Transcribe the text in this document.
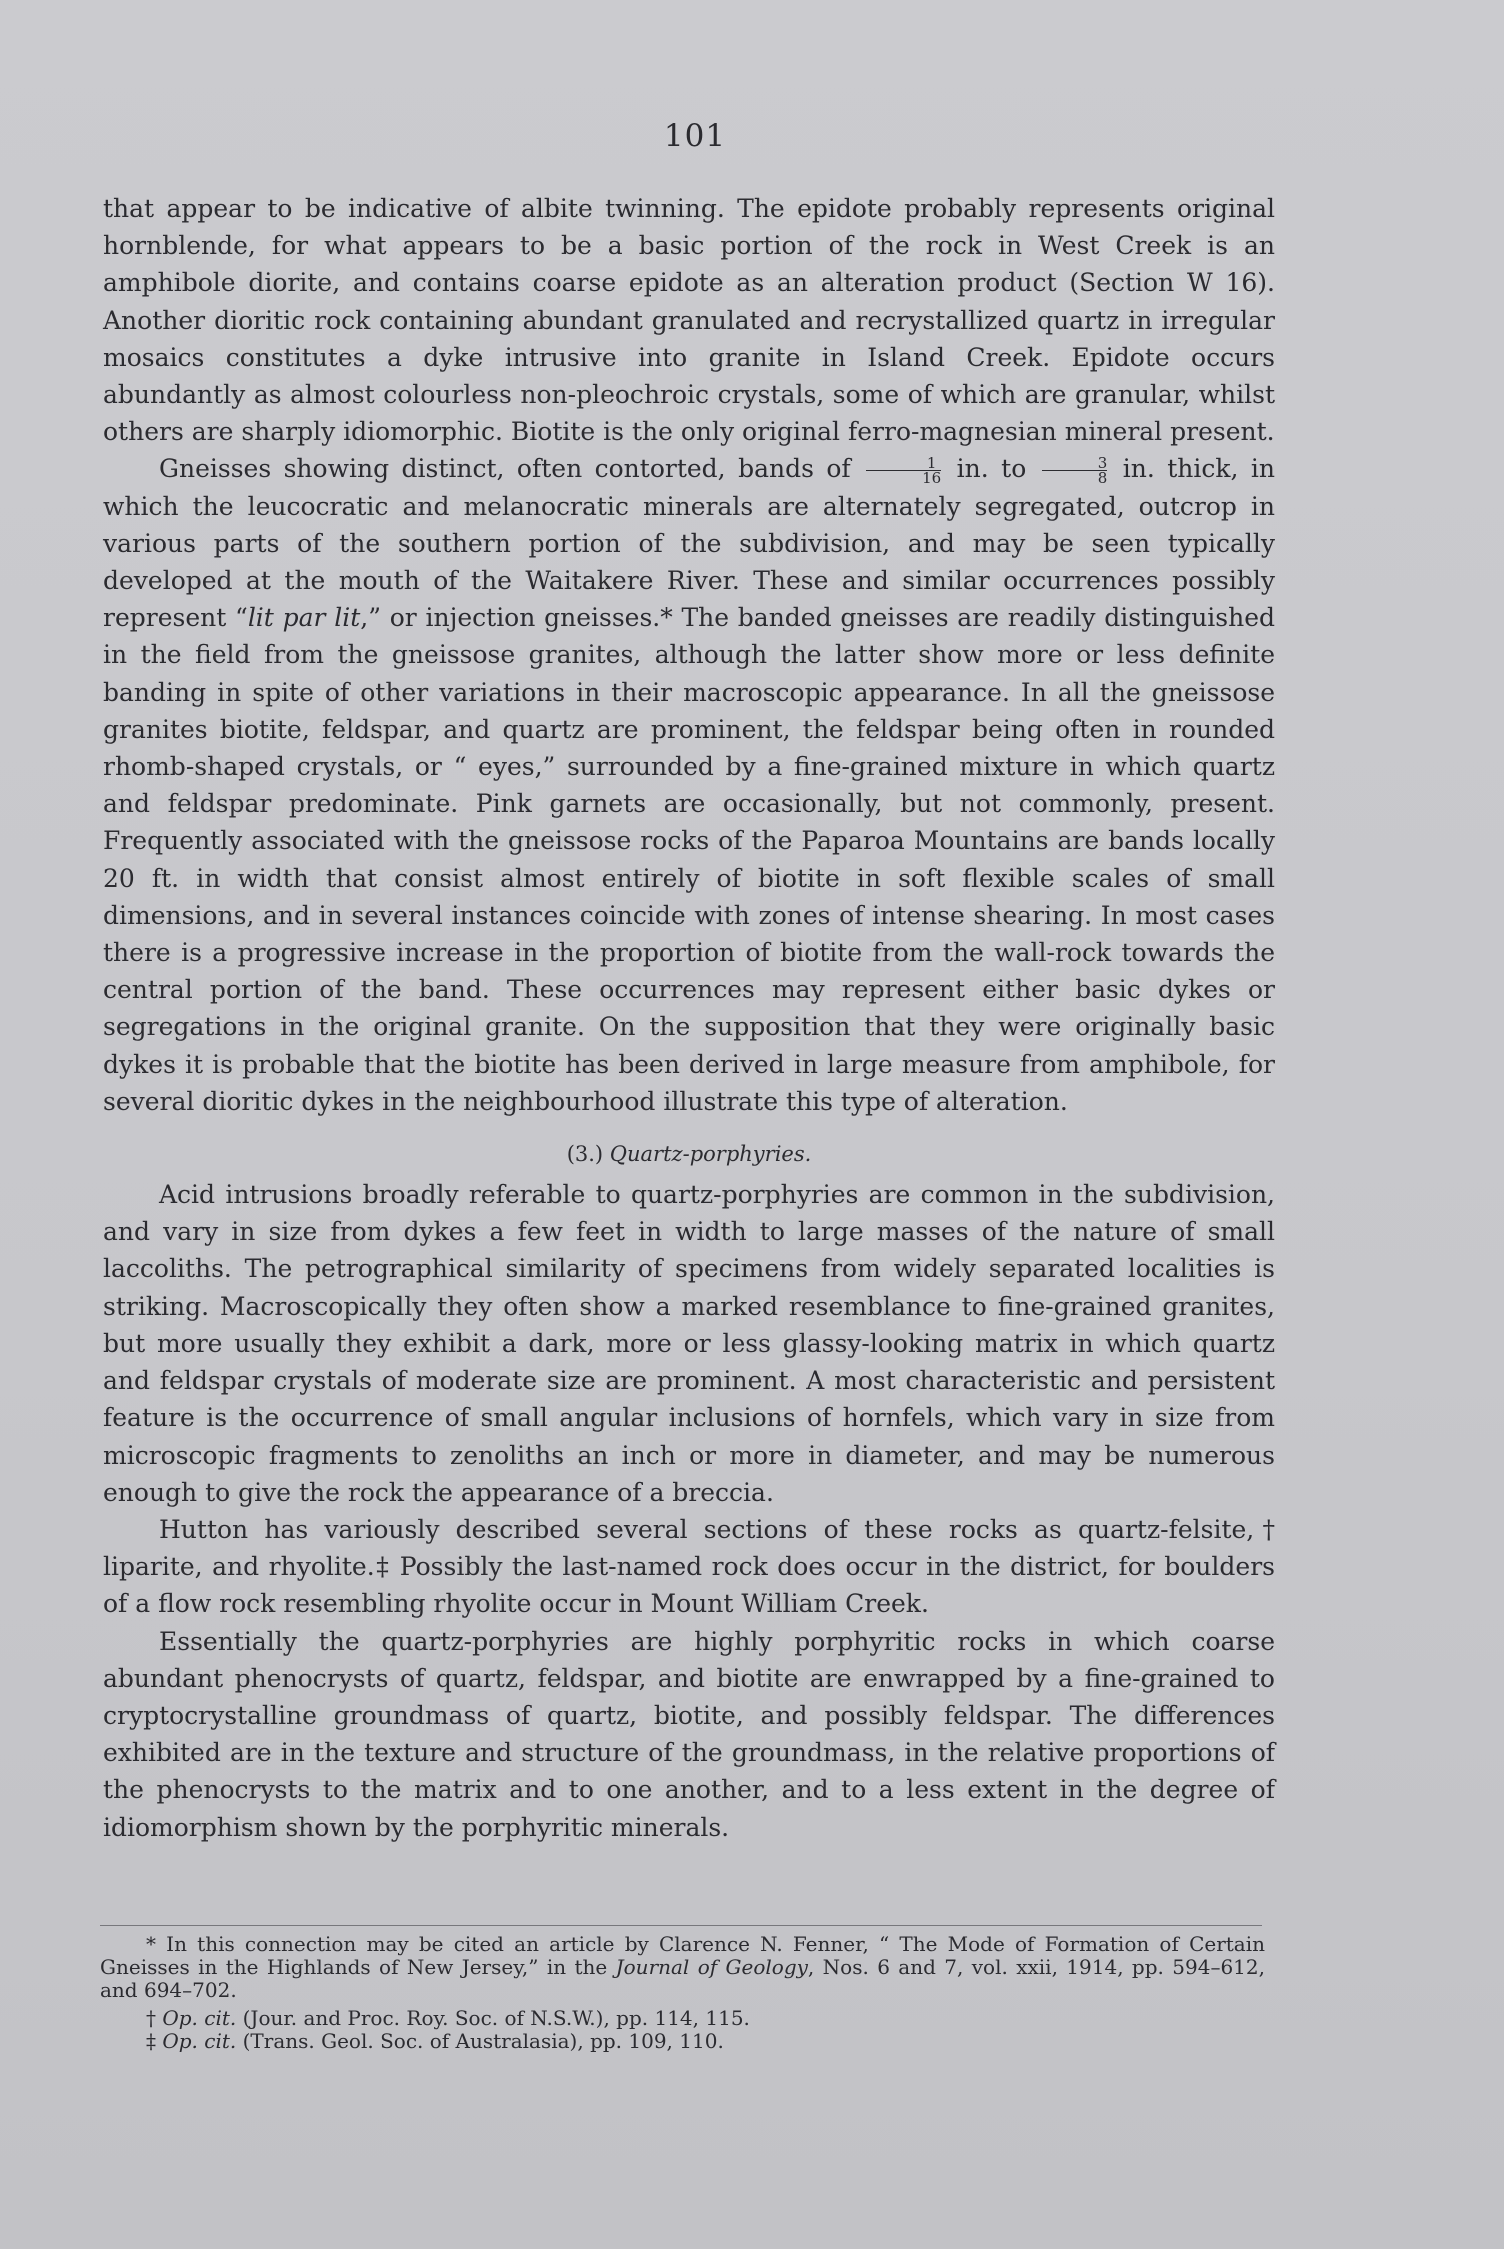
101

that appear to be indicative of albite twinning. The epidote probably represents original hornblende, for what appears to be a basic portion of the rock in West Creek is an amphibole diorite, and contains coarse epidote as an alteration product (Section W 16). Another dioritic rock containing abundant granulated and recrystallized quartz in irregular mosaics constitutes a dyke intrusive into granite in Island Creek. Epidote occurs abundantly as almost colourless non-pleochroic crystals, some of which are granular, whilst others are sharply idiomorphic. Biotite is the only original ferro-magnesian mineral present.

Gneisses showing distinct, often contorted, bands of $\frac{1}{16}$ in. to $\frac{3}{8}$ in. thick, in which the leucocratic and melanocratic minerals are alternately segregated, outcrop in various parts of the southern portion of the subdivision, and may be seen typically developed at the mouth of the Waitakere River. These and similar occurrences possibly represent “lit par lit,” or injection gneisses.* The banded gneisses are readily distinguished in the field from the gneissose granites, although the latter show more or less definite banding in spite of other variations in their macroscopic appearance. In all the gneissose granites biotite, feldspar, and quartz are prominent, the feldspar being often in rounded rhomb-shaped crystals, or “ eyes,” surrounded by a fine-grained mixture in which quartz and feldspar predominate. Pink garnets are occasionally, but not commonly, present. Frequently associated with the gneissose rocks of the Paparoa Mountains are bands locally 20 ft. in width that consist almost entirely of biotite in soft flexible scales of small dimensions, and in several instances coincide with zones of intense shearing. In most cases there is a progressive increase in the proportion of biotite from the wall-rock towards the central portion of the band. These occurrences may represent either basic dykes or segregations in the original granite. On the supposition that they were originally basic dykes it is probable that the biotite has been derived in large measure from amphibole, for several dioritic dykes in the neighbourhood illustrate this type of alteration.

(3.) Quartz-porphyries.

Acid intrusions broadly referable to quartz-porphyries are common in the subdivision, and vary in size from dykes a few feet in width to large masses of the nature of small laccoliths. The petrographical similarity of specimens from widely separated localities is striking. Macroscopically they often show a marked resemblance to fine-grained granites, but more usually they exhibit a dark, more or less glassy-looking matrix in which quartz and feldspar crystals of moderate size are prominent. A most characteristic and persistent feature is the occurrence of small angular inclusions of hornfels, which vary in size from microscopic fragments to zenoliths an inch or more in diameter, and may be numerous enough to give the rock the appearance of a breccia.

Hutton has variously described several sections of these rocks as quartz-felsite,† liparite, and rhyolite.‡ Possibly the last-named rock does occur in the district, for boulders of a flow rock resembling rhyolite occur in Mount William Creek.

Essentially the quartz-porphyries are highly porphyritic rocks in which coarse abundant phenocrysts of quartz, feldspar, and biotite are enwrapped by a fine-grained to cryptocrystalline groundmass of quartz, biotite, and possibly feldspar. The differences exhibited are in the texture and structure of the groundmass, in the relative proportions of the phenocrysts to the matrix and to one another, and to a less extent in the degree of idiomorphism shown by the porphyritic minerals.

* In this connection may be cited an article by Clarence N. Fenner, “ The Mode of Formation of Certain Gneisses in the Highlands of New Jersey,” in the Journal of Geology, Nos. 6 and 7, vol. xxii, 1914, pp. 594–612, and 694–702.

† Op. cit. (Jour. and Proc. Roy. Soc. of N.S.W.), pp. 114, 115.

‡ Op. cit. (Trans. Geol. Soc. of Australasia), pp. 109, 110.
